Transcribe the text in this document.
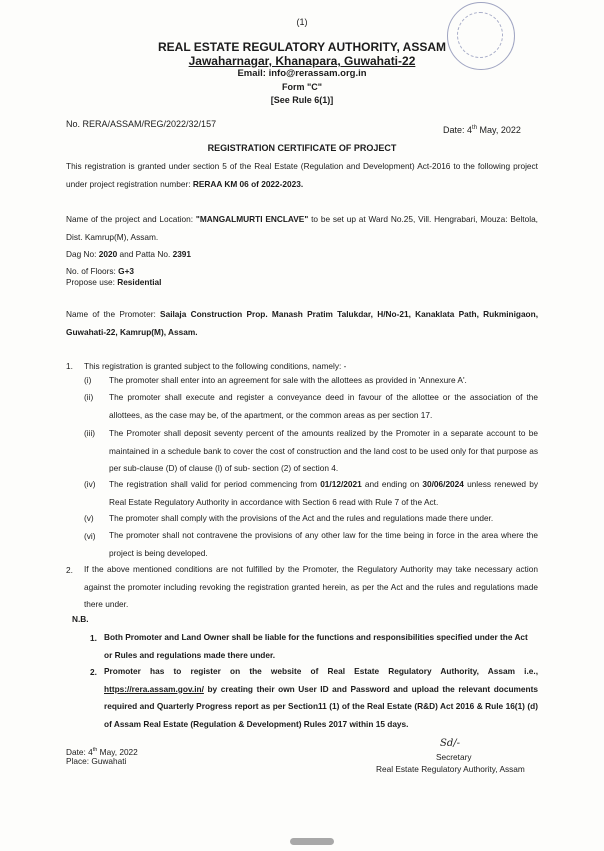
(1)
REAL ESTATE REGULATORY AUTHORITY, ASSAM
Jawaharnagar, Khanapara, Guwahati-22
Email: info@rerassam.org.in
Form "C"
[See Rule 6(1)]
No. RERA/ASSAM/REG/2022/32/157
Date: 4th May, 2022
REGISTRATION CERTIFICATE OF PROJECT
This registration is granted under section 5 of the Real Estate (Regulation and Development) Act-2016 to the following project under project registration number: RERAA KM 06 of 2022-2023.
Name of the project and Location: "MANGALMURTI ENCLAVE" to be set up at Ward No.25, Vill. Hengrabari, Mouza: Beltola, Dist. Kamrup(M), Assam.
Dag No: 2020 and Patta No. 2391
No. of Floors: G+3
Propose use: Residential
Name of the Promoter: Sailaja Construction Prop. Manash Pratim Talukdar, H/No-21, Kanaklata Path, Rukminigaon, Guwahati-22, Kamrup(M), Assam.
1. This registration is granted subject to the following conditions, namely: -
(i) The promoter shall enter into an agreement for sale with the allottees as provided in 'Annexure A'.
(ii) The promoter shall execute and register a conveyance deed in favour of the allottee or the association of the allottees, as the case may be, of the apartment, or the common areas as per section 17.
(iii) The Promoter shall deposit seventy percent of the amounts realized by the Promoter in a separate account to be maintained in a schedule bank to cover the cost of construction and the land cost to be used only for that purpose as per sub-clause (D) of clause (l) of sub- section (2) of section 4.
(iv) The registration shall valid for period commencing from 01/12/2021 and ending on 30/06/2024 unless renewed by Real Estate Regulatory Authority in accordance with Section 6 read with Rule 7 of the Act.
(v) The promoter shall comply with the provisions of the Act and the rules and regulations made there under.
(vi) The promoter shall not contravene the provisions of any other law for the time being in force in the area where the project is being developed.
2. If the above mentioned conditions are not fulfilled by the Promoter, the Regulatory Authority may take necessary action against the promoter including revoking the registration granted herein, as per the Act and the rules and regulations made there under.
N.B.
1. Both Promoter and Land Owner shall be liable for the functions and responsibilities specified under the Act or Rules and regulations made there under.
2. Promoter has to register on the website of Real Estate Regulatory Authority, Assam i.e., https://rera.assam.gov.in/ by creating their own User ID and Password and upload the relevant documents required and Quarterly Progress report as per Section11 (1) of the Real Estate (R&D) Act 2016 & Rule 16(1) (d) of Assam Real Estate (Regulation & Development) Rules 2017 within 15 days.
Date: 4th May, 2022
Place: Guwahati
Sd/-
Secretary
Real Estate Regulatory Authority, Assam
